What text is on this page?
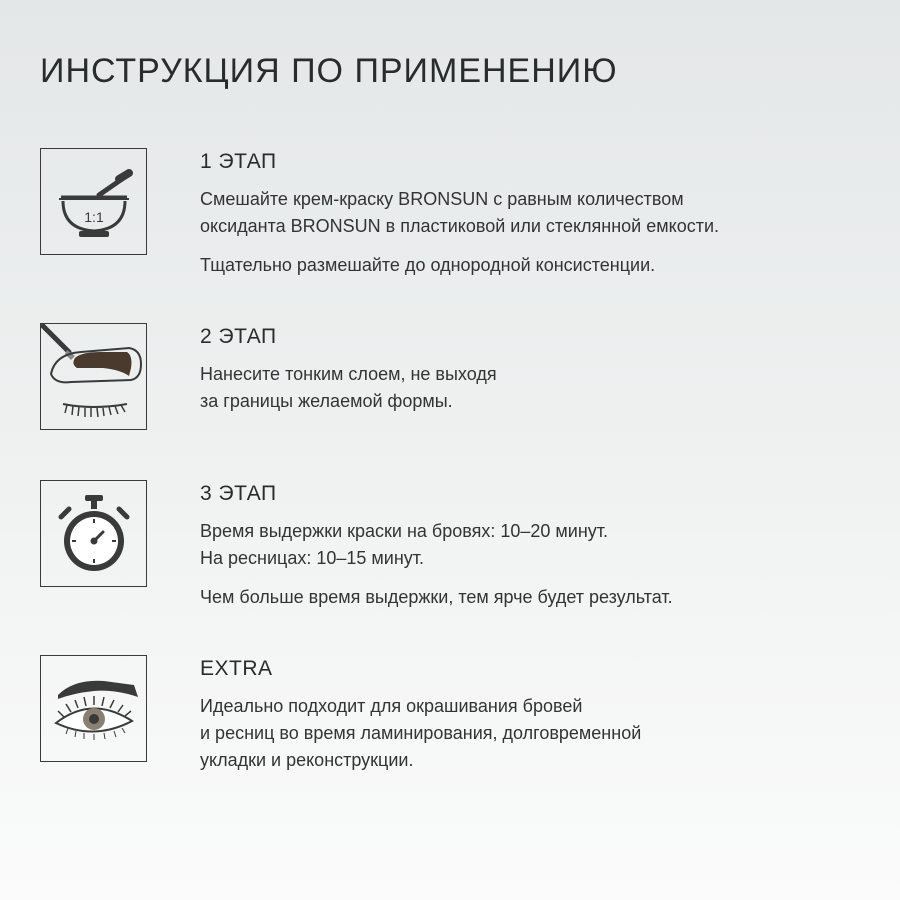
ИНСТРУКЦИЯ ПО ПРИМЕНЕНИЮ
1:1
1 ЭТАП

Смешайте крем-краску BRONSUN с равным количеством
оксиданта BRONSUN в пластиковой или стеклянной емкости.

Тщательно размешайте до однородной консистенции.

2 ЭТАП

Нанесите тонким слоем, не выходя
за границы желаемой формы.

3 ЭТАП

Время выдержки краски на бровях: 10–20 минут.
На ресницах: 10–15 минут.

Чем больше время выдержки, тем ярче будет результат.

EXTRA

Идеально подходит для окрашивания бровей
и ресниц во время ламинирования, долговременной
укладки и реконструкции.
